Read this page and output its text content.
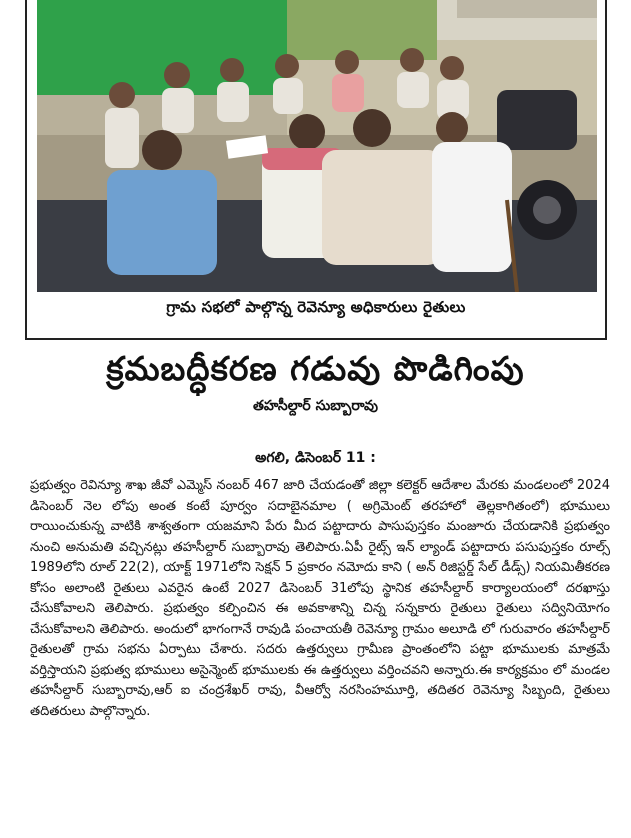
గ్రామ సభలో పాల్గొన్న రెవెన్యూ అధికారులు రైతులు
క్రమబద్ధీకరణ గడువు పొడిగింపు
తహసీల్దార్ సుబ్బారావు
అగలి, డిసెంబర్ 11 :
ప్రభుత్వం రెవిన్యూ శాఖ జీవో ఎమ్మెస్ నంబర్ 467 జారి చేయడంతో జిల్లా కలెక్టర్ ఆదేశాల మేరకు మండలంలో 2024 డిసెంబర్ నెల లోపు అంత కంటే పూర్వం సదాబైనమాల ( అగ్రిమెంట్ తరహాలో తెల్లకాగితంలో) భూములు రాయించుకున్న వాటికి శాశ్వతంగా యజమాని పేరు మీద పట్టాదారు పాసుపుస్తకం మంజూరు చేయడానికి ప్రభుత్వం నుంచి అనుమతి వచ్చినట్లు తహసీల్దార్ సుబ్బారావు తెలిపారు.ఏపీ రైట్స్ ఇన్ ల్యాండ్ పట్టాదారు పసుపుస్తకం రూల్స్ 1989లోని రూల్ 22(2), యాక్ట్ 1971లోని సెక్షన్ 5 ప్రకారం నమోదు కాని ( అన్ రిజిస్టర్డ్ సేల్ డీడ్స్) నియమితీకరణ కోసం అలాంటి రైతులు ఎవరైన ఉంటే 2027 డిసెంబర్ 31లోపు స్థానిక తహసీల్దార్ కార్యాలయంలో దరఖాస్తు చేసుకోవాలని తెలిపారు. ప్రభుత్వం కల్పించిన ఈ అవకాశాన్ని చిన్న సన్నకారు రైతులు రైతులు సద్వినియోగం చేసుకోవాలని తెలిపారు. అందులో భాగంగానే రావుడి పంచాయతీ రెవెన్యూ గ్రామం అలూడి లో గురువారం తహసీల్దార్ రైతులతో గ్రామ సభను ఏర్పాటు చేశారు. సదరు ఉత్తర్వులు గ్రామీణ ప్రాంతంలోని పట్టా భూములకు మాత్రమే వర్తిస్తాయని ప్రభుత్వ భూములు అసైన్మెంట్ భూములకు ఈ ఉత్తర్వులు వర్తించవని అన్నారు.ఈ కార్యక్రమం లో మండల తహసీల్దార్ సుబ్బారావు,ఆర్ ఐ చంద్రశేఖర్ రావు, వీఆర్వో నరసింహమూర్తి, తదితర రెవెన్యూ సిబ్బంది, రైతులు తదితరులు పాల్గొన్నారు.
